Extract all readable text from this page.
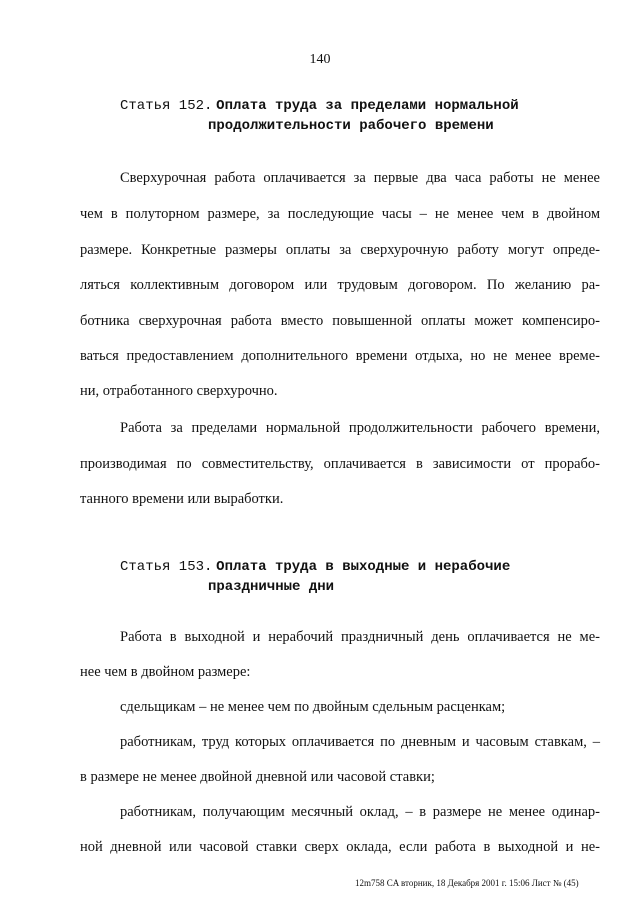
140
Статья 152. Оплата труда за пределами нормальной
продолжительности рабочего времени
Сверхурочная работа оплачивается за первые два часа работы не менее
чем в полуторном размере, за последующие часы – не менее чем в двойном
размере. Конкретные размеры оплаты за сверхурочную работу могут опреде-
ляться коллективным договором или трудовым договором. По желанию ра-
ботника сверхурочная работа вместо повышенной оплаты может компенсиро-
ваться предоставлением дополнительного времени отдыха, но не менее време-
ни, отработанного сверхурочно.
Работа за пределами нормальной продолжительности рабочего времени,
производимая по совместительству, оплачивается в зависимости от прорабо-
танного времени или выработки.
Статья 153. Оплата труда в выходные и нерабочие
праздничные дни
Работа в выходной и нерабочий праздничный день оплачивается не ме-
нее чем в двойном размере:
сдельщикам – не менее чем по двойным сдельным расценкам;
работникам, труд которых оплачивается по дневным и часовым ставкам, –
в размере не менее двойной дневной или часовой ставки;
работникам, получающим месячный оклад, – в размере не менее одинар-
ной дневной или часовой ставки сверх оклада, если работа в выходной и не-
12m758 CA вторник, 18 Декабря 2001 г. 15:06 Лист № (45)
